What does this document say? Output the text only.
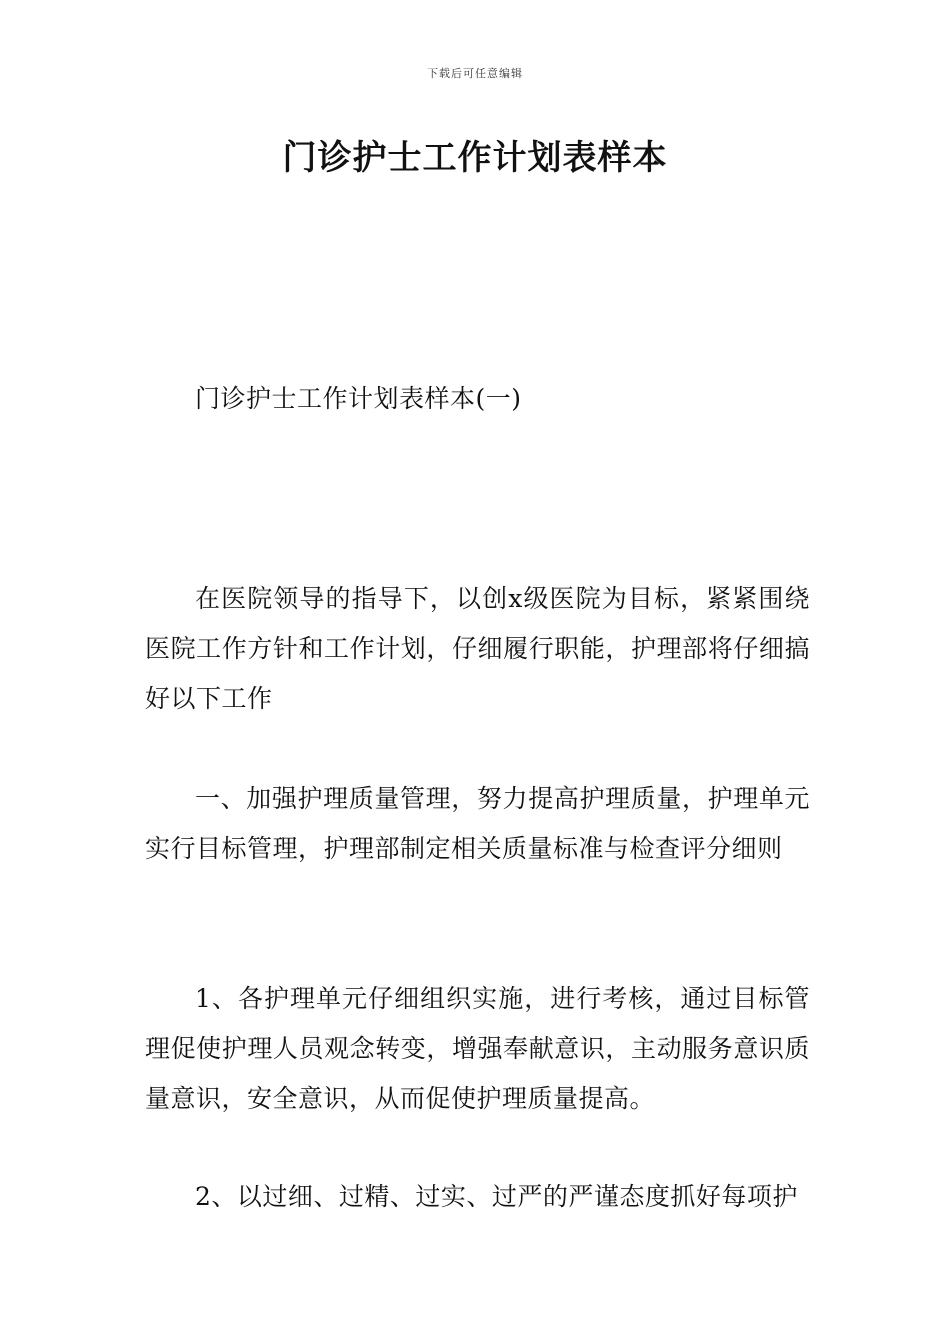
下载后可任意编辑
门诊护士工作计划表样本

门诊护士工作计划表样本(一)

在医院领导的指导下，以创x级医院为目标，紧紧围绕医院工作方针和工作计划，仔细履行职能，护理部将仔细搞好以下工作

一、加强护理质量管理，努力提高护理质量，护理单元实行目标管理，护理部制定相关质量标准与检查评分细则

1、各护理单元仔细组织实施，进行考核，通过目标管理促使护理人员观念转变，增强奉献意识，主动服务意识质量意识，安全意识，从而促使护理质量提高。

2、以过细、过精、过实、过严的严谨态度抓好每项护
